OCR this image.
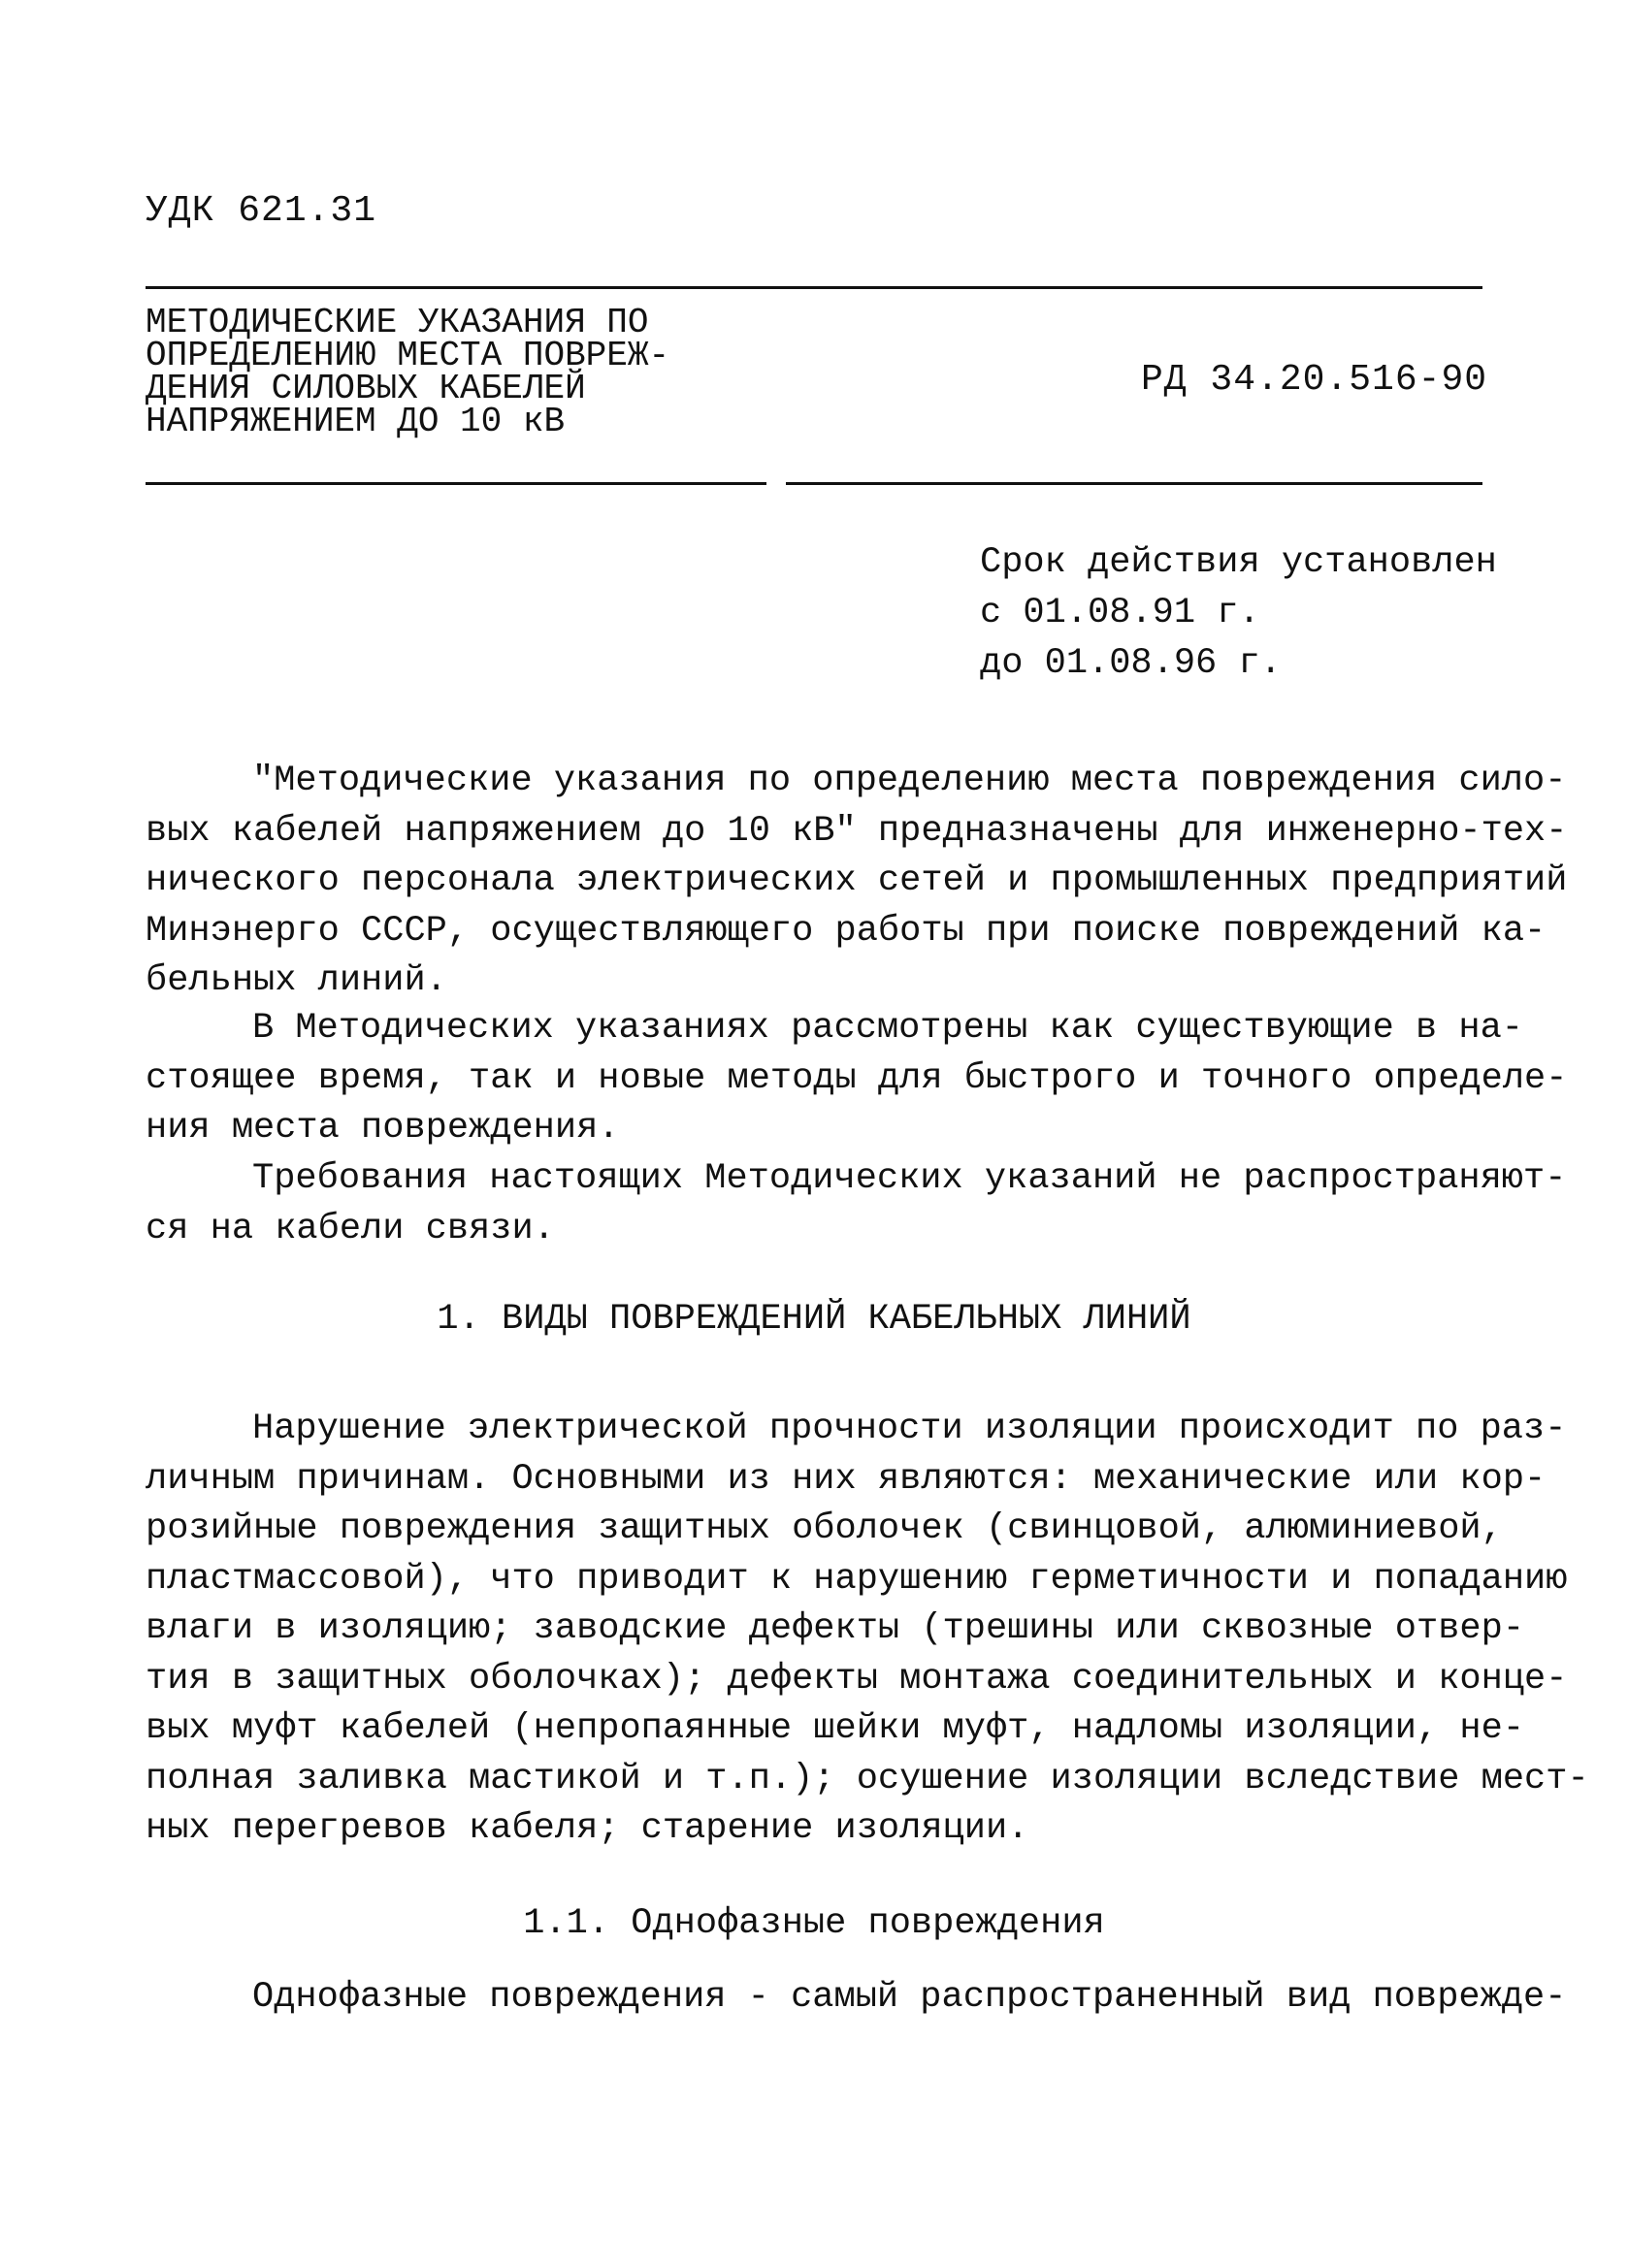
УДК 621.31
МЕТОДИЧЕСКИЕ УКАЗАНИЯ ПО
ОПРЕДЕЛЕНИЮ МЕСТА ПОВРЕЖ-
ДЕНИЯ СИЛОВЫХ КАБЕЛЕЙ
НАПРЯЖЕНИЕМ ДО 10 кВ
РД 34.20.516-90
Срок действия установлен
с 01.08.91 г.
до 01.08.96 г.
"Методические указания по определению места повреждения сило-
вых кабелей напряжением до 10 кВ" предназначены для инженерно-тех-
нического персонала электрических сетей и промышленных предприятий
Минэнерго СССР, осуществляющего работы при поиске повреждений ка-
бельных линий.
В Методических указаниях рассмотрены как существующие в на-
стоящее время, так и новые методы для быстрого и точного определе-
ния места повреждения.
Требования настоящих Методических указаний не распространяют-
ся на кабели связи.
1. ВИДЫ ПОВРЕЖДЕНИЙ КАБЕЛЬНЫХ ЛИНИЙ
Нарушение электрической прочности изоляции происходит по раз-
личным причинам. Основными из них являются: механические или кор-
розийные повреждения защитных оболочек (свинцовой, алюминиевой,
пластмассовой), что приводит к нарушению герметичности и попаданию
влаги в изоляцию; заводские дефекты (трешины или сквозные отвер-
тия в защитных оболочках); дефекты монтажа соединительных и конце-
вых муфт кабелей (непропаянные шейки муфт, надломы изоляции, не-
полная заливка мастикой и т.п.); осушение изоляции вследствие мест-
ных перегревов кабеля; старение изоляции.
1.1. Однофазные повреждения
Однофазные повреждения - самый распространенный вид поврежде-
